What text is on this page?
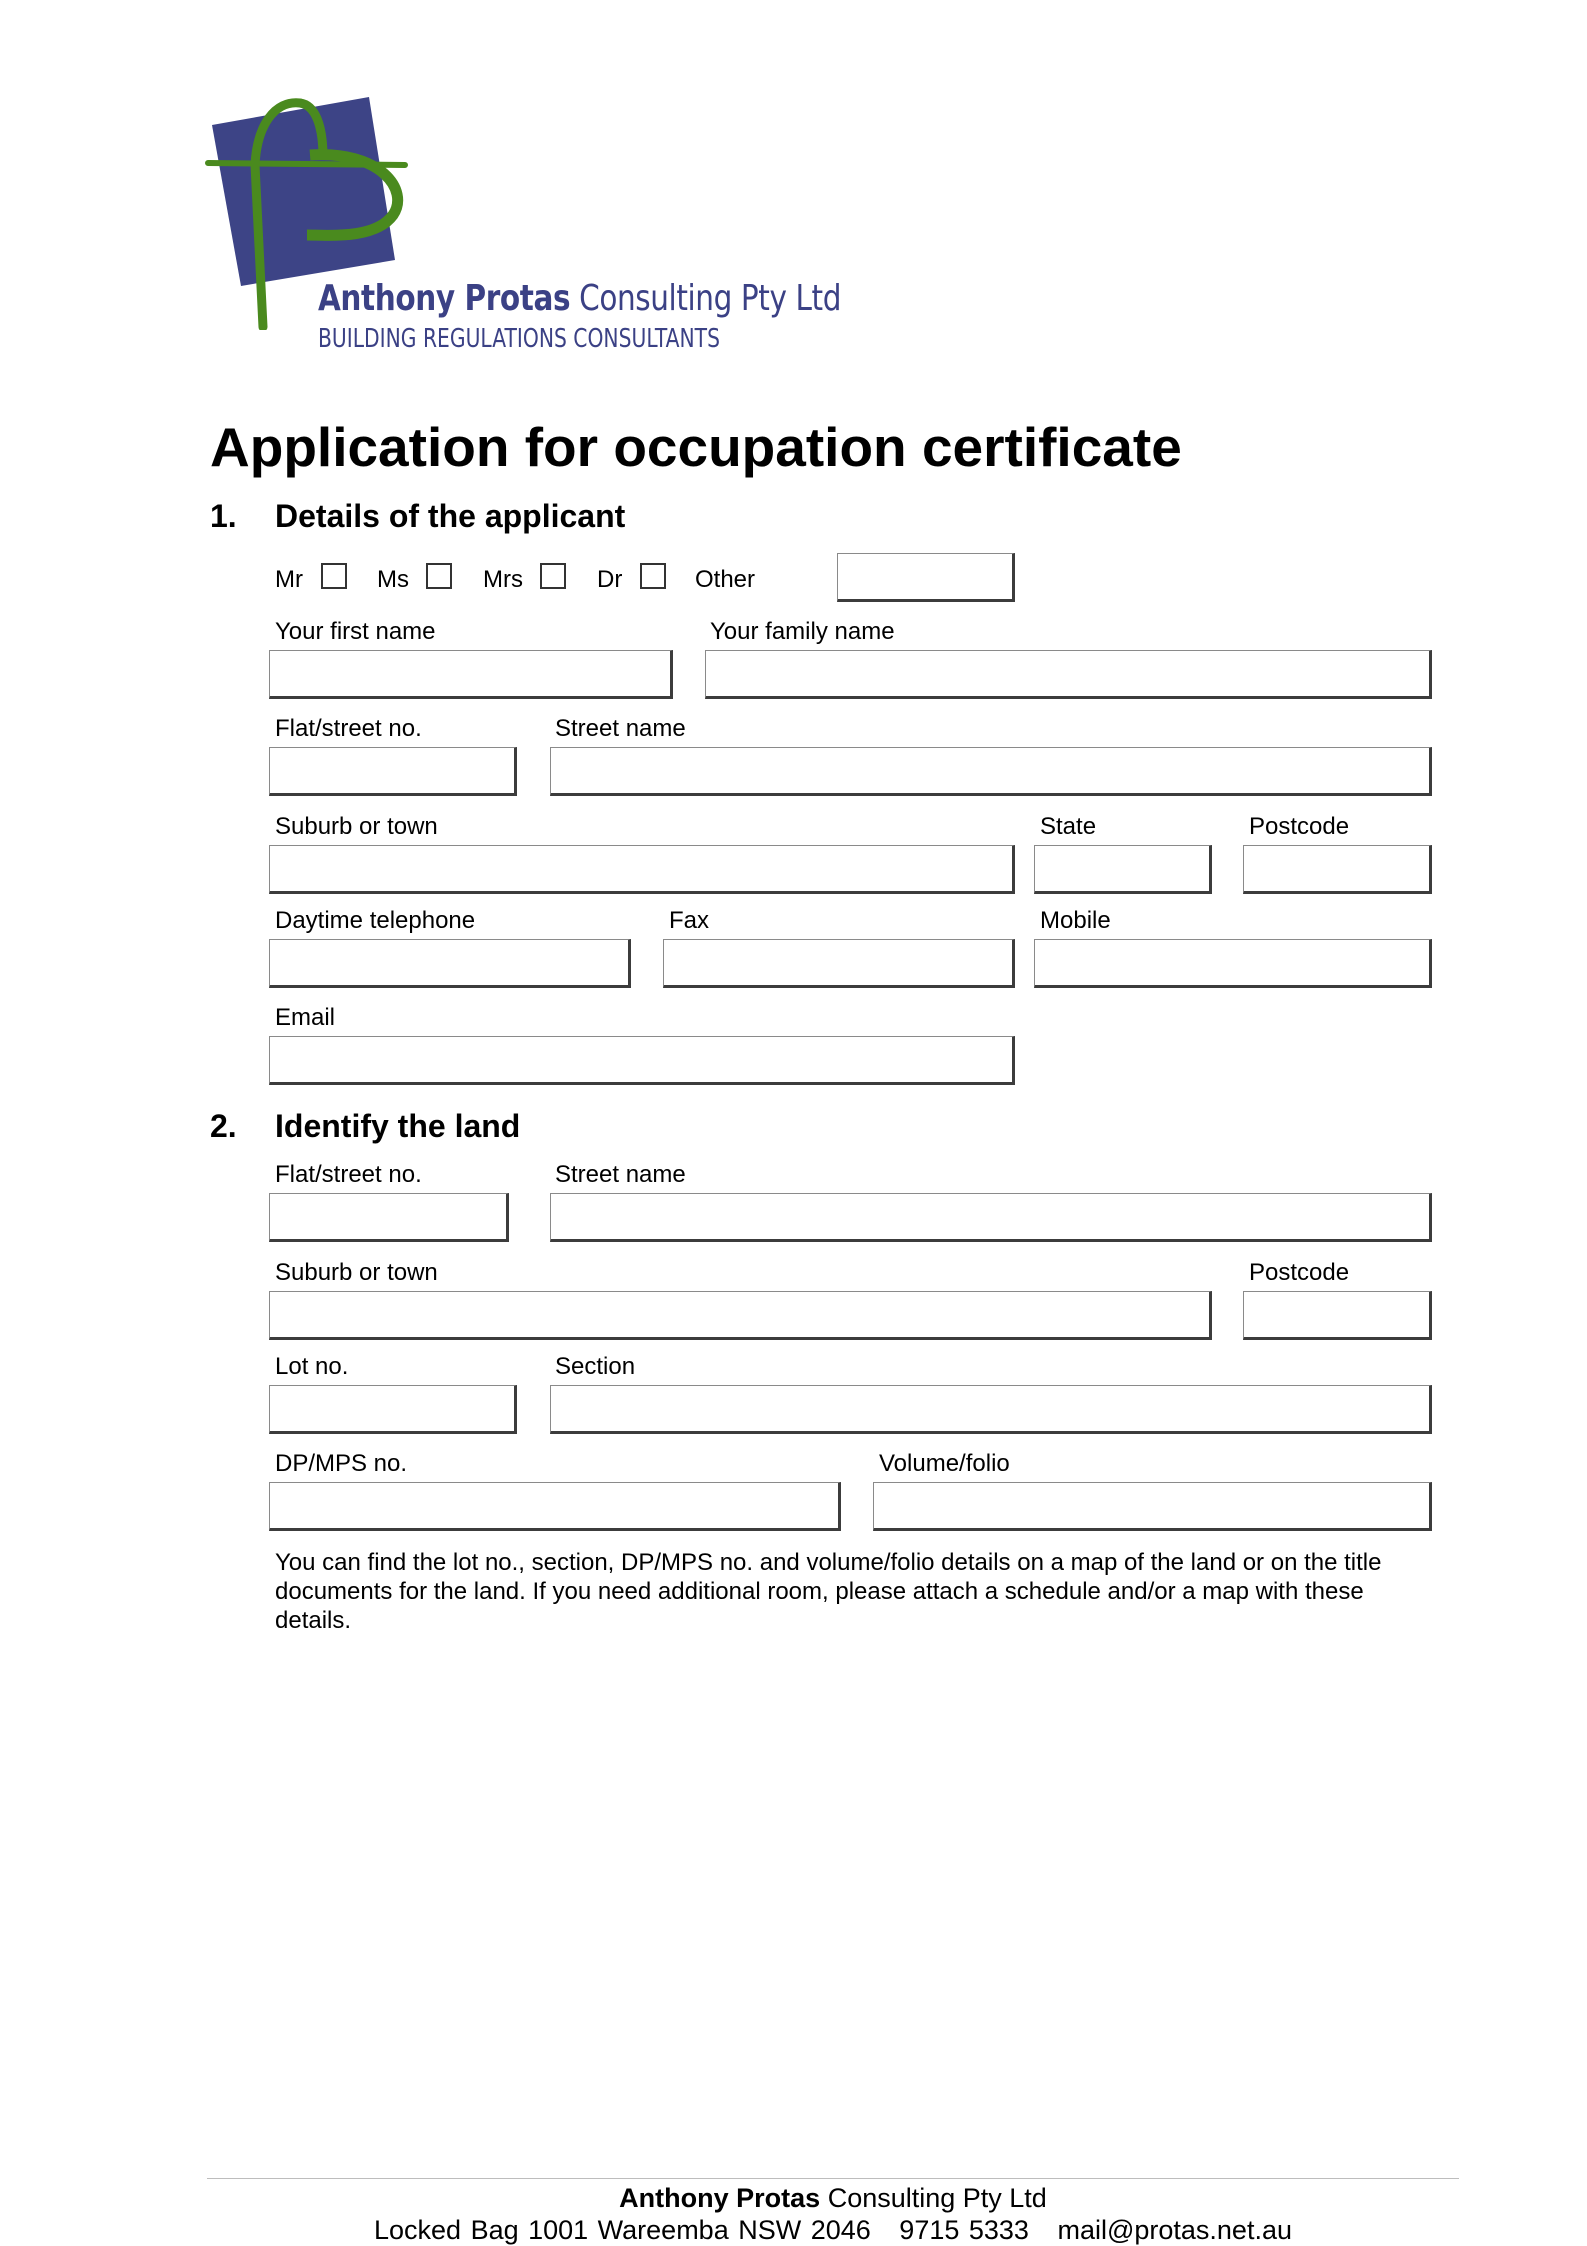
Anthony Protas Consulting Pty Ltd
BUILDING REGULATIONS CONSULTANTS
Application for occupation certificate
1. Details of the applicant
Mr	Ms	Mrs	Dr	Other
Your first name	Your family name
Flat/street no.	Street name
Suburb or town	State	Postcode
Daytime telephone	Fax	Mobile
Email
2. Identify the land
Flat/street no.	Street name
Suburb or town	Postcode
Lot no.	Section
DP/MPS no.	Volume/folio
You can find the lot no., section, DP/MPS no. and volume/folio details on a map of the land or on the title documents for the land. If you need additional room, please attach a schedule and/or a map with these details.
Anthony Protas Consulting Pty Ltd
Locked Bag 1001 Wareemba NSW 2046 9715 5333 mail@protas.net.au
